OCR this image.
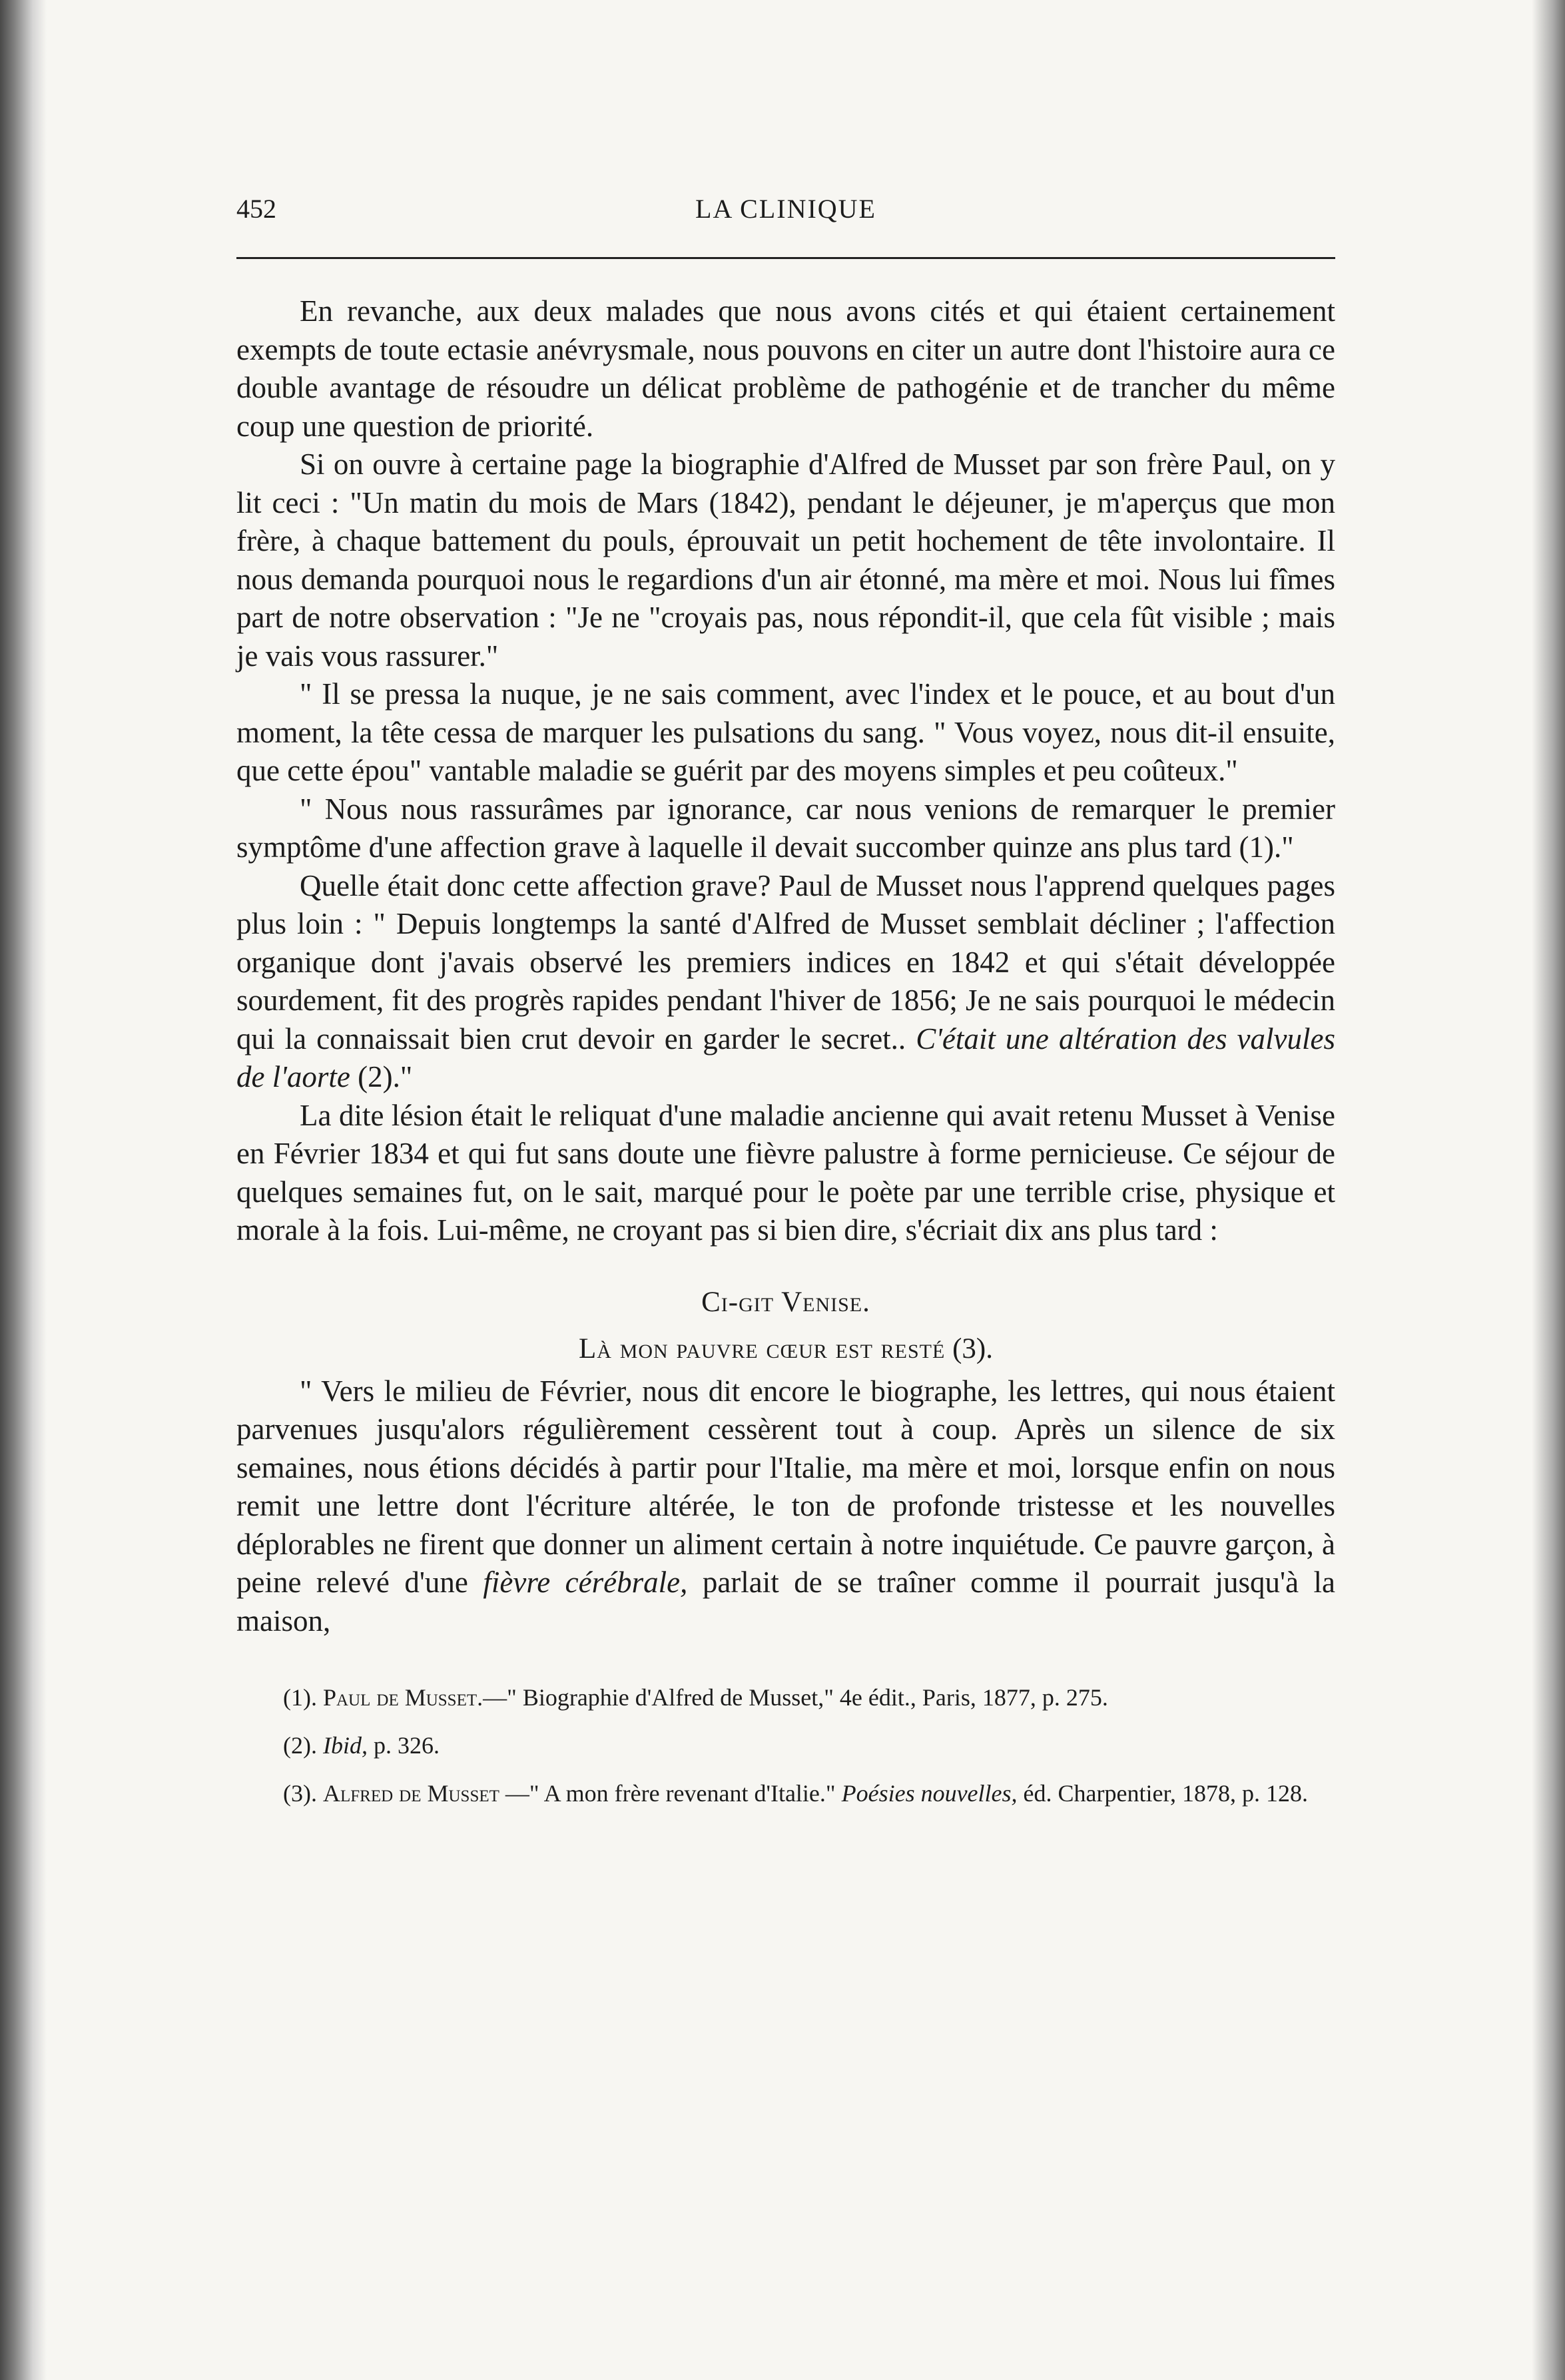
452	LA CLINIQUE

En revanche, aux deux malades que nous avons cités et qui étaient certainement exempts de toute ectasie anévrysmale, nous pouvons en citer un autre dont l'histoire aura ce double avantage de résoudre un délicat problème de pathogénie et de trancher du même coup une question de priorité.

Si on ouvre à certaine page la biographie d'Alfred de Musset par son frère Paul, on y lit ceci : "Un matin du mois de Mars (1842), pendant le déjeuner, je m'aperçus que mon frère, à chaque battement du pouls, éprouvait un petit hochement de tête involontaire. Il nous demanda pourquoi nous le regardions d'un air étonné, ma mère et moi. Nous lui fîmes part de notre observation : "Je ne "croyais pas, nous répondit-il, que cela fût visible ; mais je vais vous rassurer."

" Il se pressa la nuque, je ne sais comment, avec l'index et le pouce, et au bout d'un moment, la tête cessa de marquer les pulsations du sang. " Vous voyez, nous dit-il ensuite, que cette épou" vantable maladie se guérit par des moyens simples et peu coûteux."

" Nous nous rassurâmes par ignorance, car nous venions de remarquer le premier symptôme d'une affection grave à laquelle il devait succomber quinze ans plus tard (1)."

Quelle était donc cette affection grave? Paul de Musset nous l'apprend quelques pages plus loin : " Depuis longtemps la santé d'Alfred de Musset semblait décliner ; l'affection organique dont j'avais observé les premiers indices en 1842 et qui s'était développée sourdement, fit des progrès rapides pendant l'hiver de 1856; Je ne sais pourquoi le médecin qui la connaissait bien crut devoir en garder le secret.. C'était une altération des valvules de l'aorte (2)."

La dite lésion était le reliquat d'une maladie ancienne qui avait retenu Musset à Venise en Février 1834 et qui fut sans doute une fièvre palustre à forme pernicieuse. Ce séjour de quelques semaines fut, on le sait, marqué pour le poète par une terrible crise, physique et morale à la fois. Lui-même, ne croyant pas si bien dire, s'écriait dix ans plus tard :

Ci-git Venise.
Là mon pauvre cœur est resté (3).

" Vers le milieu de Février, nous dit encore le biographe, les lettres, qui nous étaient parvenues jusqu'alors régulièrement cessèrent tout à coup. Après un silence de six semaines, nous étions décidés à partir pour l'Italie, ma mère et moi, lorsque enfin on nous remit une lettre dont l'écriture altérée, le ton de profonde tristesse et les nouvelles déplorables ne firent que donner un aliment certain à notre inquiétude. Ce pauvre garçon, à peine relevé d'une fièvre cérébrale, parlait de se traîner comme il pourrait jusqu'à la maison,

(1). Paul de Musset.—" Biographie d'Alfred de Musset," 4e édit., Paris, 1877, p. 275.

(2). Ibid, p. 326.

(3). Alfred de Musset —" A mon frère revenant d'Italie." Poésies nouvelles, éd. Charpentier, 1878, p. 128.
